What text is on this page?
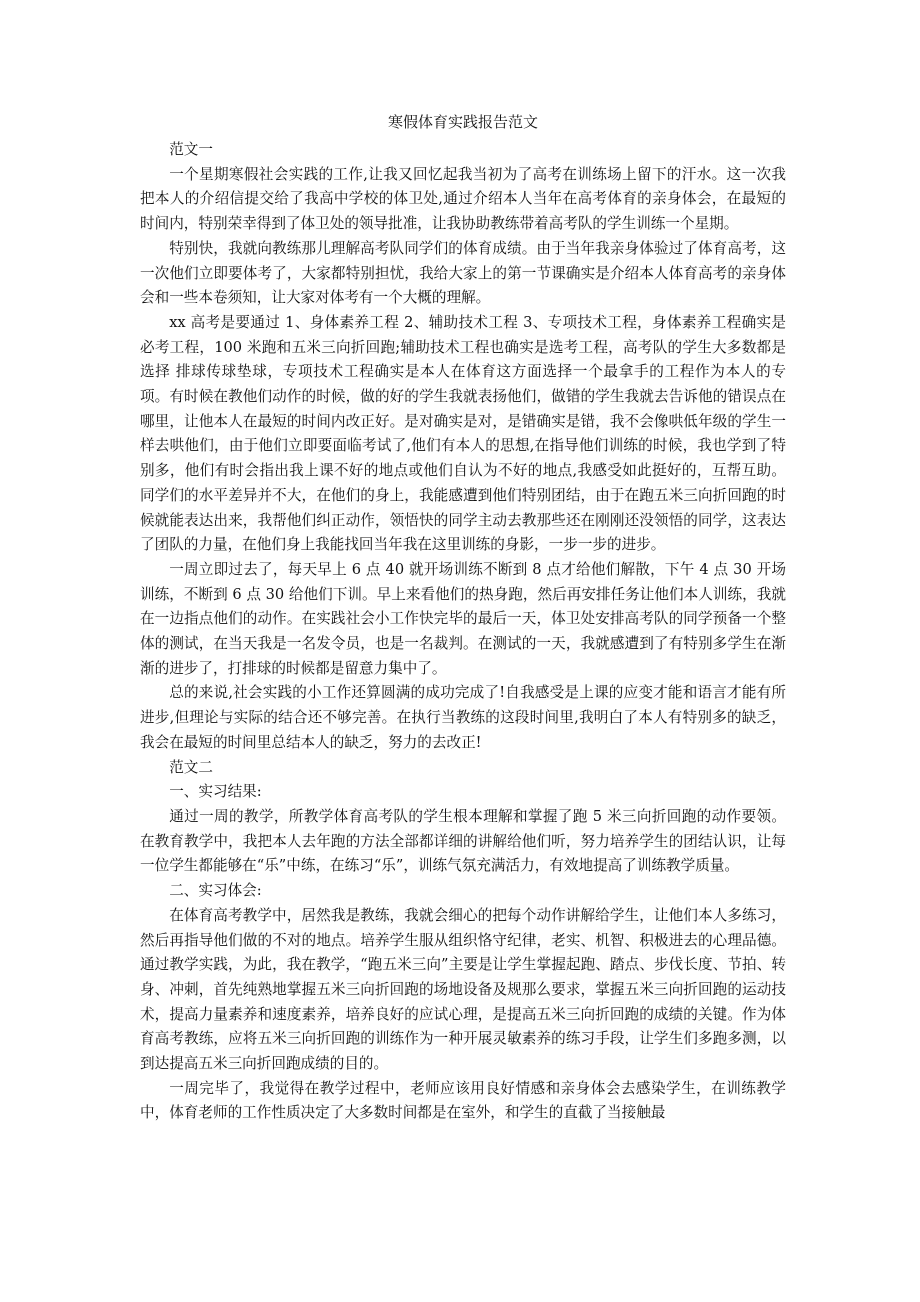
寒假体育实践报告范文

范文一

一个星期寒假社会实践的工作,让我又回忆起我当初为了高考在训练场上留下的汗水。这一次我把本人的介绍信提交给了我高中学校的体卫处,通过介绍本人当年在高考体育的亲身体会，在最短的时间内，特别荣幸得到了体卫处的领导批准，让我协助教练带着高考队的学生训练一个星期。

特别快，我就向教练那儿理解高考队同学们的体育成绩。由于当年我亲身体验过了体育高考，这一次他们立即要体考了，大家都特别担忧，我给大家上的第一节课确实是介绍本人体育高考的亲身体会和一些本卷须知，让大家对体考有一个大概的理解。

xx 高考是要通过 1、身体素养工程 2、辅助技术工程 3、专项技术工程，身体素养工程确实是必考工程，100 米跑和五米三向折回跑;辅助技术工程也确实是选考工程，高考队的学生大多数都是选择 排球传球垫球，专项技术工程确实是本人在体育这方面选择一个最拿手的工程作为本人的专项。有时候在教他们动作的时候，做的好的学生我就表扬他们，做错的学生我就去告诉他的错误点在哪里，让他本人在最短的时间内改正好。是对确实是对，是错确实是错，我不会像哄低年级的学生一样去哄他们，由于他们立即要面临考试了,他们有本人的思想,在指导他们训练的时候，我也学到了特别多，他们有时会指出我上课不好的地点或他们自认为不好的地点,我感受如此挺好的，互帮互助。同学们的水平差异并不大，在他们的身上，我能感遭到他们特别团结，由于在跑五米三向折回跑的时候就能表达出来，我帮他们纠正动作，领悟快的同学主动去教那些还在刚刚还没领悟的同学，这表达了团队的力量，在他们身上我能找回当年我在这里训练的身影，一步一步的进步。

一周立即过去了，每天早上 6 点 40 就开场训练不断到 8 点才给他们解散，下午 4 点 30 开场训练，不断到 6 点 30 给他们下训。早上来看他们的热身跑，然后再安排任务让他们本人训练，我就在一边指点他们的动作。在实践社会小工作快完毕的最后一天，体卫处安排高考队的同学预备一个整体的测试，在当天我是一名发令员，也是一名裁判。在测试的一天，我就感遭到了有特别多学生在渐渐的进步了，打排球的时候都是留意力集中了。

总的来说,社会实践的小工作还算圆满的成功完成了!自我感受是上课的应变才能和语言才能有所进步,但理论与实际的结合还不够完善。在执行当教练的这段时间里,我明白了本人有特别多的缺乏，我会在最短的时间里总结本人的缺乏，努力的去改正!

范文二

一、实习结果:

通过一周的教学，所教学体育高考队的学生根本理解和掌握了跑 5 米三向折回跑的动作要领。在教育教学中，我把本人去年跑的方法全部都详细的讲解给他们听，努力培养学生的团结认识，让每一位学生都能够在“乐”中练，在练习“乐”，训练气氛充满活力，有效地提高了训练教学质量。

二、实习体会:

在体育高考教学中，居然我是教练，我就会细心的把每个动作讲解给学生，让他们本人多练习，然后再指导他们做的不对的地点。培养学生服从组织恪守纪律，老实、机智、积极进去的心理品德。通过教学实践，为此，我在教学，“跑五米三向”主要是让学生掌握起跑、踏点、步伐长度、节拍、转身、冲刺，首先纯熟地掌握五米三向折回跑的场地设备及规那么要求，掌握五米三向折回跑的运动技术，提高力量素养和速度素养，培养良好的应试心理，是提高五米三向折回跑的成绩的关键。作为体育高考教练，应将五米三向折回跑的训练作为一种开展灵敏素养的练习手段，让学生们多跑多测，以到达提高五米三向折回跑成绩的目的。

一周完毕了，我觉得在教学过程中，老师应该用良好情感和亲身体会去感染学生，在训练教学中，体育老师的工作性质决定了大多数时间都是在室外，和学生的直截了当接触最
